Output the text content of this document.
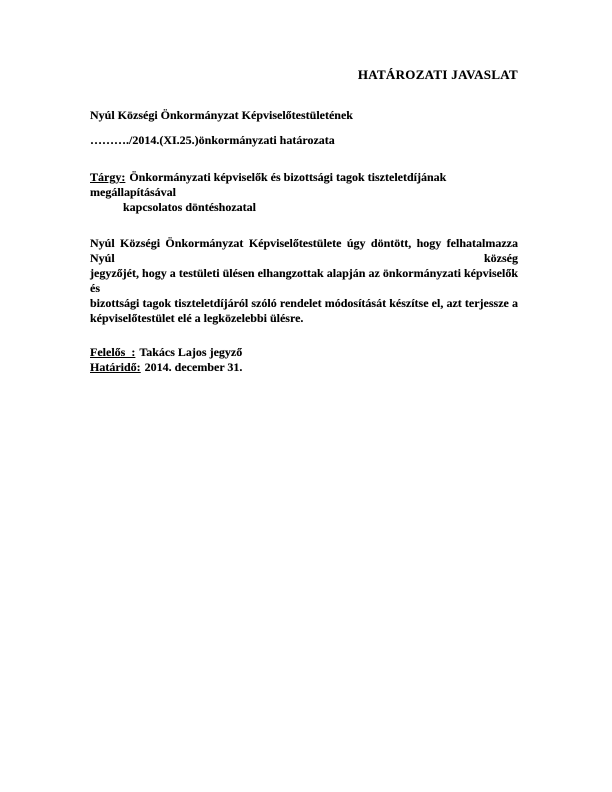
HATÁROZATI JAVASLAT
Nyúl Községi Önkormányzat Képviselőtestületének
………./2014.(XI.25.)önkormányzati határozata
Tárgy: Önkormányzati képviselők és bizottsági tagok tiszteletdíjának megállapításával
kapcsolatos döntéshozatal
Nyúl Községi Önkormányzat Képviselőtestülete úgy döntött, hogy felhatalmazza Nyúl község
jegyzőjét, hogy a testületi ülésen elhangzottak alapján az önkormányzati képviselők és
bizottsági tagok tiszteletdíjáról szóló rendelet módosítását készítse el, azt terjessze a
képviselőtestület elé a legközelebbi ülésre.
Felelős  : Takács Lajos jegyző
Határidő: 2014. december 31.
